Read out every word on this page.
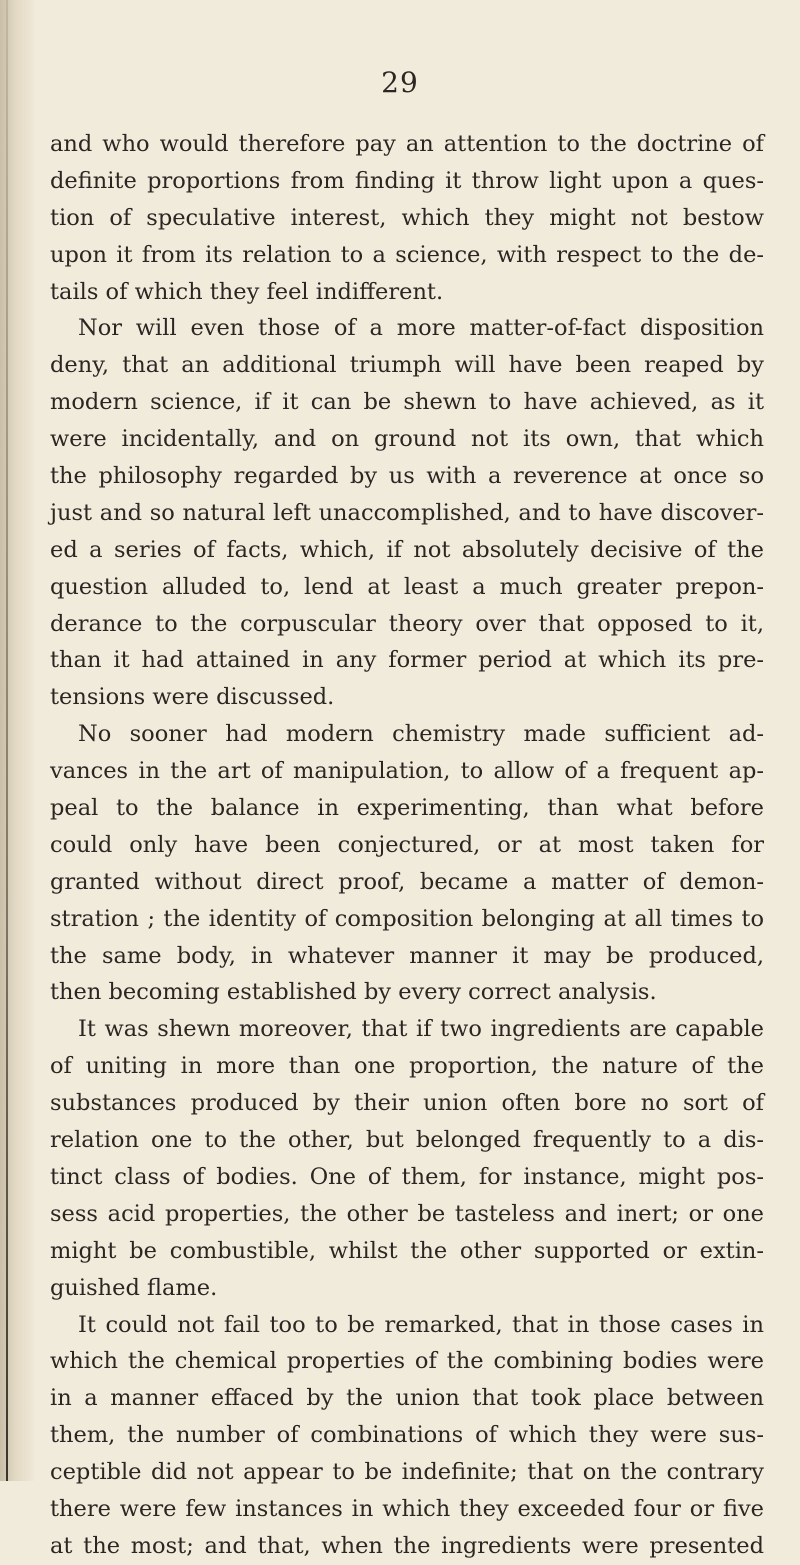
29
and who would therefore pay an attention to the doctrine of
definite proportions from finding it throw light upon a ques-
tion of speculative interest, which they might not bestow
upon it from its relation to a science, with respect to the de-
tails of which they feel indifferent.
Nor will even those of a more matter-of-fact disposition
deny, that an additional triumph will have been reaped by
modern science, if it can be shewn to have achieved, as it
were incidentally, and on ground not its own, that which
the philosophy regarded by us with a reverence at once so
just and so natural left unaccomplished, and to have discover-
ed a series of facts, which, if not absolutely decisive of the
question alluded to, lend at least a much greater prepon-
derance to the corpuscular theory over that opposed to it,
than it had attained in any former period at which its pre-
tensions were discussed.
No sooner had modern chemistry made sufficient ad-
vances in the art of manipulation, to allow of a frequent ap-
peal to the balance in experimenting, than what before
could only have been conjectured, or at most taken for
granted without direct proof, became a matter of demon-
stration ; the identity of composition belonging at all times to
the same body, in whatever manner it may be produced,
then becoming established by every correct analysis.
It was shewn moreover, that if two ingredients are capable
of uniting in more than one proportion, the nature of the
substances produced by their union often bore no sort of
relation one to the other, but belonged frequently to a dis-
tinct class of bodies. One of them, for instance, might pos-
sess acid properties, the other be tasteless and inert; or one
might be combustible, whilst the other supported or extin-
guished flame.
It could not fail too to be remarked, that in those cases in
which the chemical properties of the combining bodies were
in a manner effaced by the union that took place between
them, the number of combinations of which they were sus-
ceptible did not appear to be indefinite; that on the contrary
there were few instances in which they exceeded four or five
at the most; and that, when the ingredients were presented
